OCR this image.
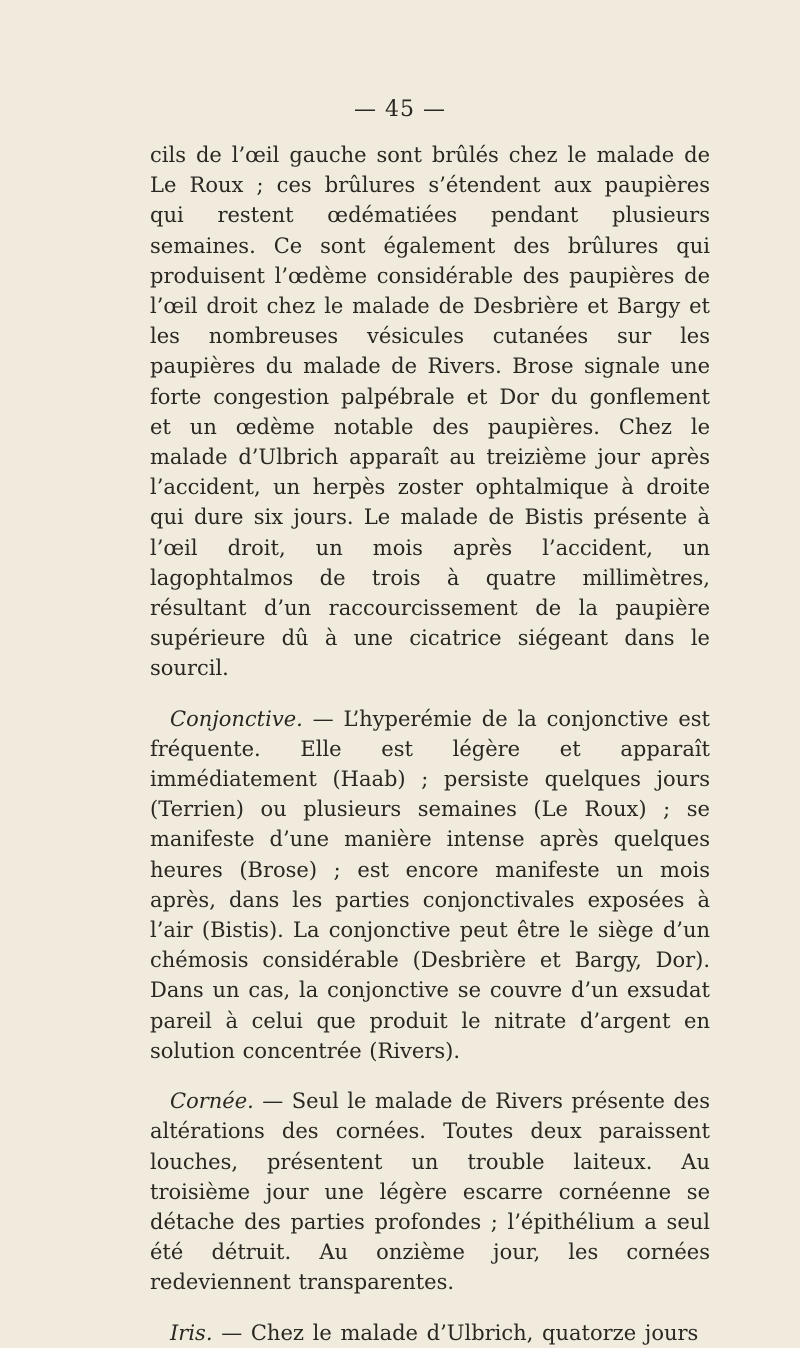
— 45 —

cils de l’œil gauche sont brûlés chez le malade de Le Roux ; ces brûlures s’étendent aux paupières qui restent œdématiées pendant plusieurs semaines. Ce sont également des brûlures qui produisent l’œdème considérable des paupières de l’œil droit chez le malade de Desbrière et Bargy et les nombreuses vésicules cutanées sur les paupières du malade de Rivers. Brose signale une forte congestion palpébrale et Dor du gonflement et un œdème notable des paupières. Chez le malade d’Ulbrich apparaît au treizième jour après l’accident, un herpès zoster ophtalmique à droite qui dure six jours. Le malade de Bistis présente à l’œil droit, un mois après l’accident, un lagophtalmos de trois à quatre millimètres, résultant d’un raccourcissement de la paupière supérieure dû à une cicatrice siégeant dans le sourcil.

Conjonctive. — L’hyperémie de la conjonctive est fréquente. Elle est légère et apparaît immédiatement (Haab) ; persiste quelques jours (Terrien) ou plusieurs semaines (Le Roux) ; se manifeste d’une manière intense après quelques heures (Brose) ; est encore manifeste un mois après, dans les parties conjonctivales exposées à l’air (Bistis). La conjonctive peut être le siège d’un chémosis considérable (Desbrière et Bargy, Dor). Dans un cas, la conjonctive se couvre d’un exsudat pareil à celui que produit le nitrate d’argent en solution concentrée (Rivers).

Cornée. — Seul le malade de Rivers présente des altérations des cornées. Toutes deux paraissent louches, présentent un trouble laiteux. Au troisième jour une légère escarre cornéenne se détache des parties profondes ; l’épithélium a seul été détruit. Au onzième jour, les cornées redeviennent transparentes.

Iris. — Chez le malade d’Ulbrich, quatorze jours
